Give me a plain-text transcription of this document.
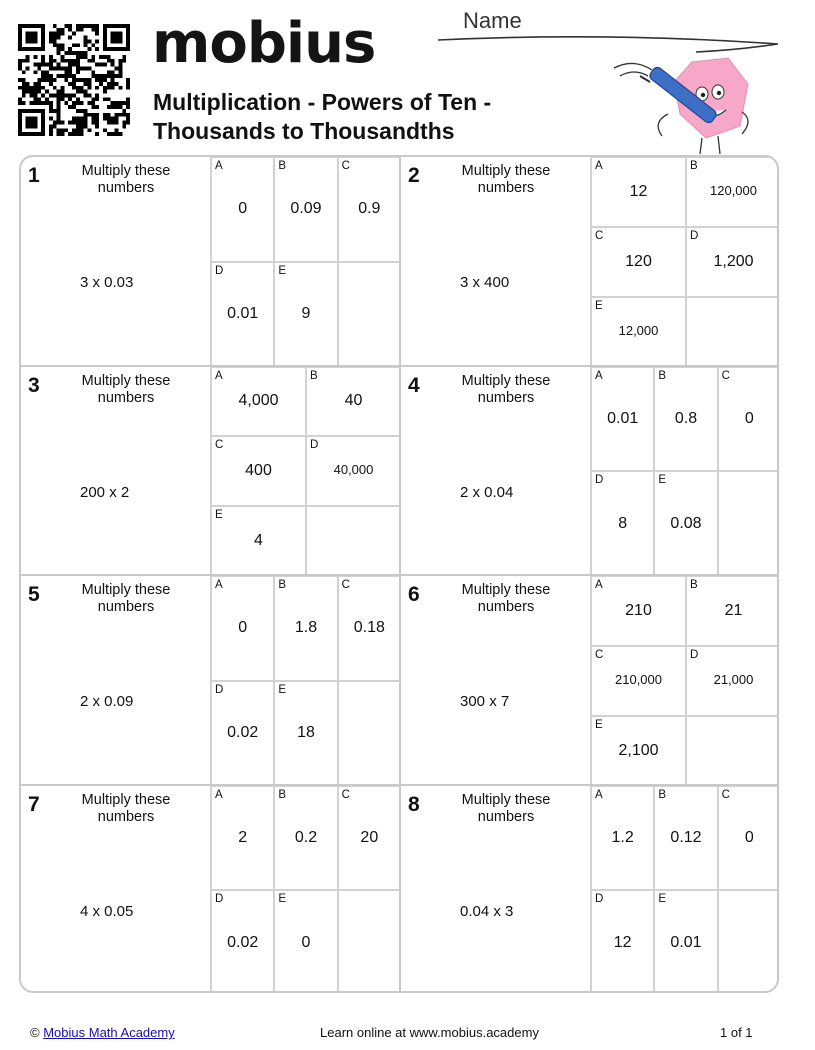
mobius
Multiplication - Powers of Ten -
Thousands to Thousandths
Name
1	Multiply these numbers
3 x 0.03
A
0
B
0.09
C
0.9
D
0.01
E
9
2	Multiply these numbers
3 x 400
A
12
B
120,000
C
120
D
1,200
E
12,000
3	Multiply these numbers
200 x 2
A
4,000
B
40
C
400
D
40,000
E
4
4	Multiply these numbers
2 x 0.04
A
0.01
B
0.8
C
0
D
8
E
0.08
5	Multiply these numbers
2 x 0.09
A
0
B
1.8
C
0.18
D
0.02
E
18
6	Multiply these numbers
300 x 7
A
210
B
21
C
210,000
D
21,000
E
2,100
7	Multiply these numbers
4 x 0.05
A
2
B
0.2
C
20
D
0.02
E
0
8	Multiply these numbers
0.04 x 3
A
1.2
B
0.12
C
0
D
12
E
0.01
© Mobius Math Academy	Learn online at www.mobius.academy	1 of 1
